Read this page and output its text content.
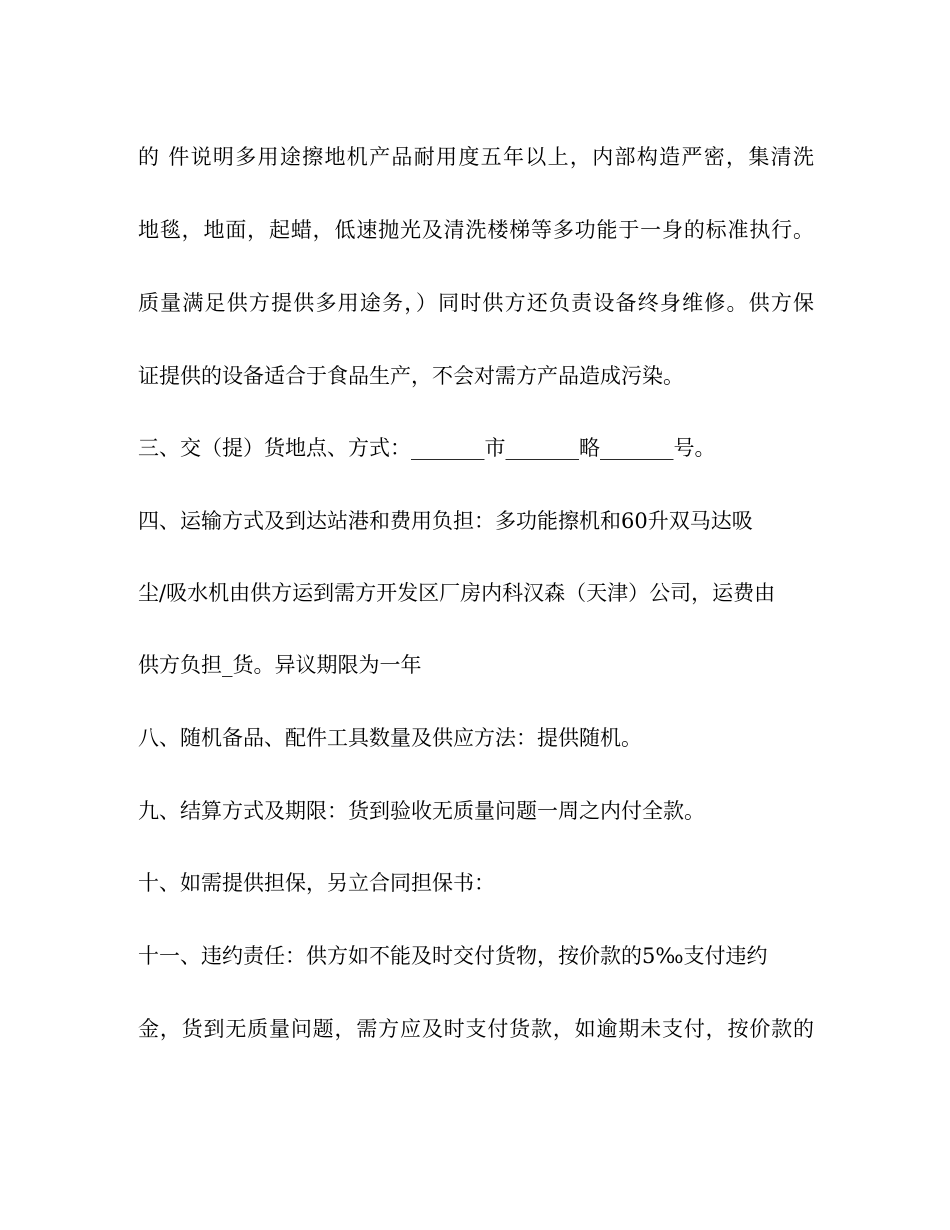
的 件说明多用途擦地机产品耐用度五年以上，内部构造严密，集清洗
地毯，地面，起蜡，低速抛光及清洗楼梯等多功能于一身的标准执行。
质量满足供方提供多用途务，）同时供方还负责设备终身维修。供方保
证提供的设备适合于食品生产，不会对需方产品造成污染。
三、交（提）货地点、方式：_______市_______略_______号。
四、运输方式及到达站港和费用负担：多功能擦机和60升双马达吸
尘/吸水机由供方运到需方开发区厂房内科汉森（天津）公司，运费由
供方负担_货。异议期限为一年
八、随机备品、配件工具数量及供应方法：提供随机。
九、结算方式及期限：货到验收无质量问题一周之内付全款。
十、如需提供担保，另立合同担保书：
十一、违约责任：供方如不能及时交付货物，按价款的5‰支付违约
金，货到无质量问题，需方应及时支付货款，如逾期未支付，按价款的
